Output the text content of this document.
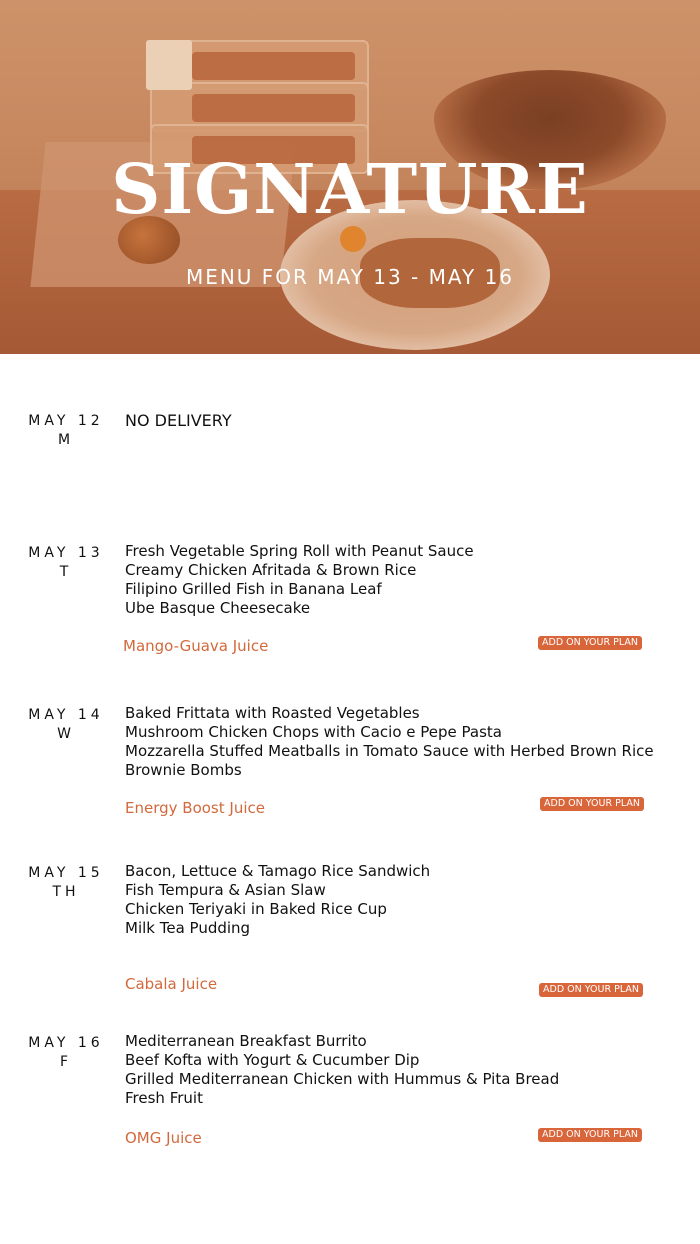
SIGNATURE
MENU FOR MAY 13 - MAY 16
MAY 12
M
NO DELIVERY
MAY 13
T
Fresh Vegetable Spring Roll with Peanut Sauce
Creamy Chicken Afritada & Brown Rice
Filipino Grilled Fish in Banana Leaf
Ube Basque Cheesecake
Mango-Guava Juice	ADD ON YOUR PLAN
MAY 14
W
Baked Frittata with Roasted Vegetables
Mushroom Chicken Chops with Cacio e Pepe Pasta
Mozzarella Stuffed Meatballs in Tomato Sauce with Herbed Brown Rice
Brownie Bombs
Energy Boost Juice	ADD ON YOUR PLAN
MAY 15
TH
Bacon, Lettuce & Tamago Rice Sandwich
Fish Tempura & Asian Slaw
Chicken Teriyaki in Baked Rice Cup
Milk Tea Pudding
Cabala Juice	ADD ON YOUR PLAN
MAY 16
F
Mediterranean Breakfast Burrito
Beef Kofta with Yogurt & Cucumber Dip
Grilled Mediterranean Chicken with Hummus & Pita Bread
Fresh Fruit
OMG Juice	ADD ON YOUR PLAN
